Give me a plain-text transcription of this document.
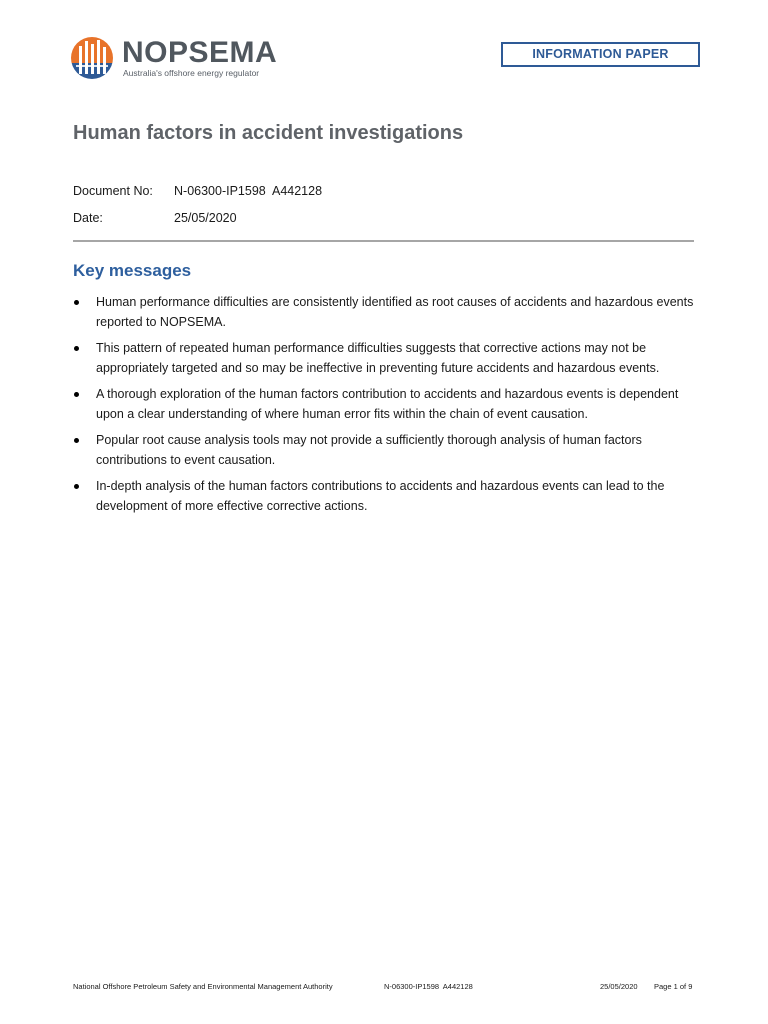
NOPSEMA
Australia's offshore energy regulator
INFORMATION PAPER
Human factors in accident investigations
Document No: N-06300-IP1598  A442128
Date:	25/05/2020
Key messages
Human performance difficulties are consistently identified as root causes of accidents and hazardous events reported to NOPSEMA.
This pattern of repeated human performance difficulties suggests that corrective actions may not be appropriately targeted and so may be ineffective in preventing future accidents and hazardous events.
A thorough exploration of the human factors contribution to accidents and hazardous events is dependent upon a clear understanding of where human error fits within the chain of event causation.
Popular root cause analysis tools may not provide a sufficiently thorough analysis of human factors contributions to event causation.
In-depth analysis of the human factors contributions to accidents and hazardous events can lead to the development of more effective corrective actions.
National Offshore Petroleum Safety and Environmental Management Authority	N-06300-IP1598  A442128	25/05/2020 Page 1 of 9
